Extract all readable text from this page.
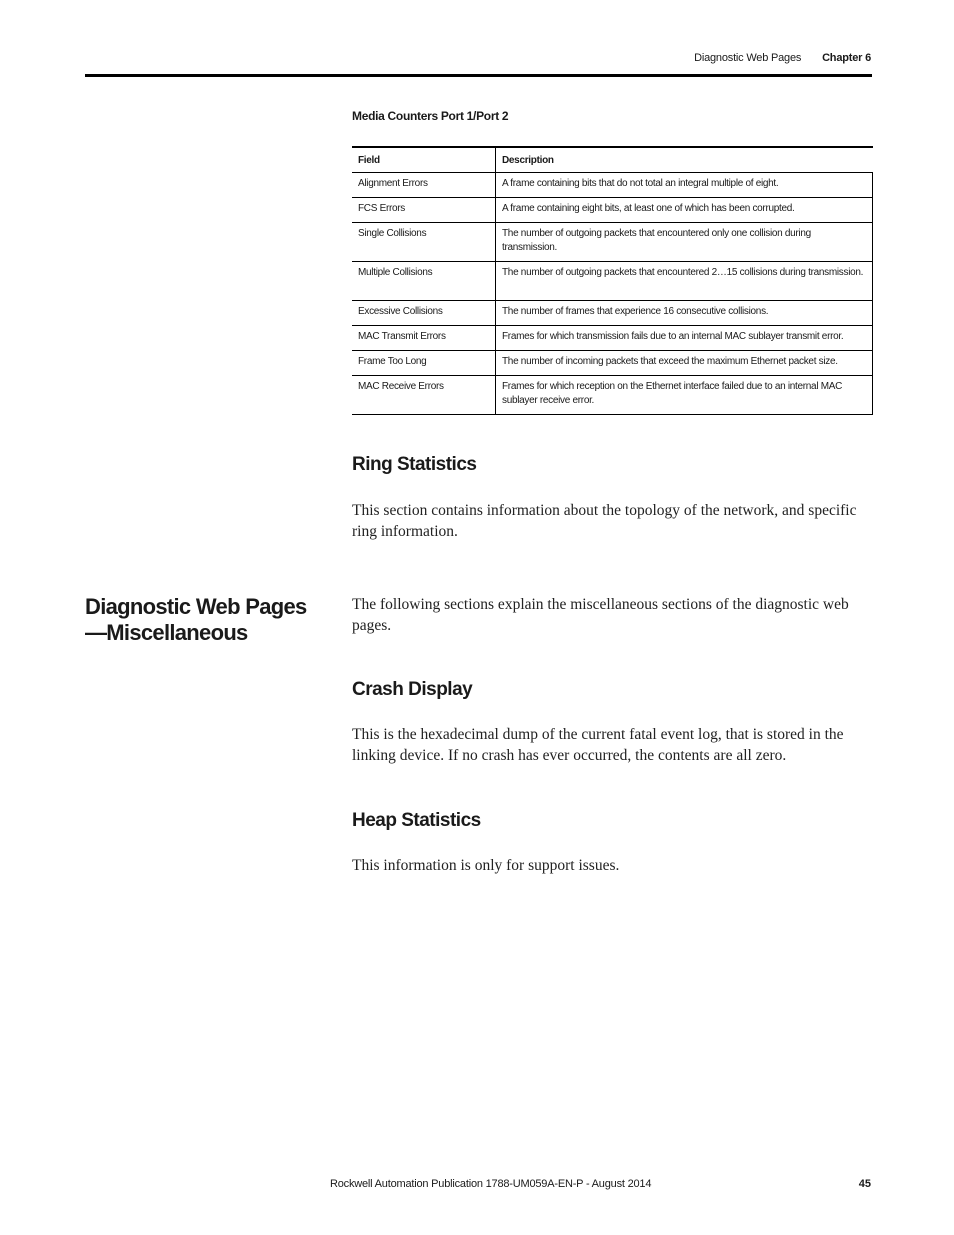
Diagnostic Web Pages Chapter 6
Media Counters Port 1/Port 2
Field	Description
Alignment Errors	A frame containing bits that do not total an integral multiple of eight.
FCS Errors	A frame containing eight bits, at least one of which has been corrupted.
Single Collisions	The number of outgoing packets that encountered only one collision during transmission.
Multiple Collisions	The number of outgoing packets that encountered 2…15 collisions during transmission.
Excessive Collisions	The number of frames that experience 16 consecutive collisions.
MAC Transmit Errors	Frames for which transmission fails due to an internal MAC sublayer transmit error.
Frame Too Long	The number of incoming packets that exceed the maximum Ethernet packet size.
MAC Receive Errors	Frames for which reception on the Ethernet interface failed due to an internal MAC sublayer receive error.
Ring Statistics
This section contains information about the topology of the network, and specific ring information.
Diagnostic Web Pages—Miscellaneous
The following sections explain the miscellaneous sections of the diagnostic web pages.
Crash Display
This is the hexadecimal dump of the current fatal event log, that is stored in the linking device. If no crash has ever occurred, the contents are all zero.
Heap Statistics
This information is only for support issues.
Rockwell Automation Publication 1788-UM059A-EN-P - August 2014	45
